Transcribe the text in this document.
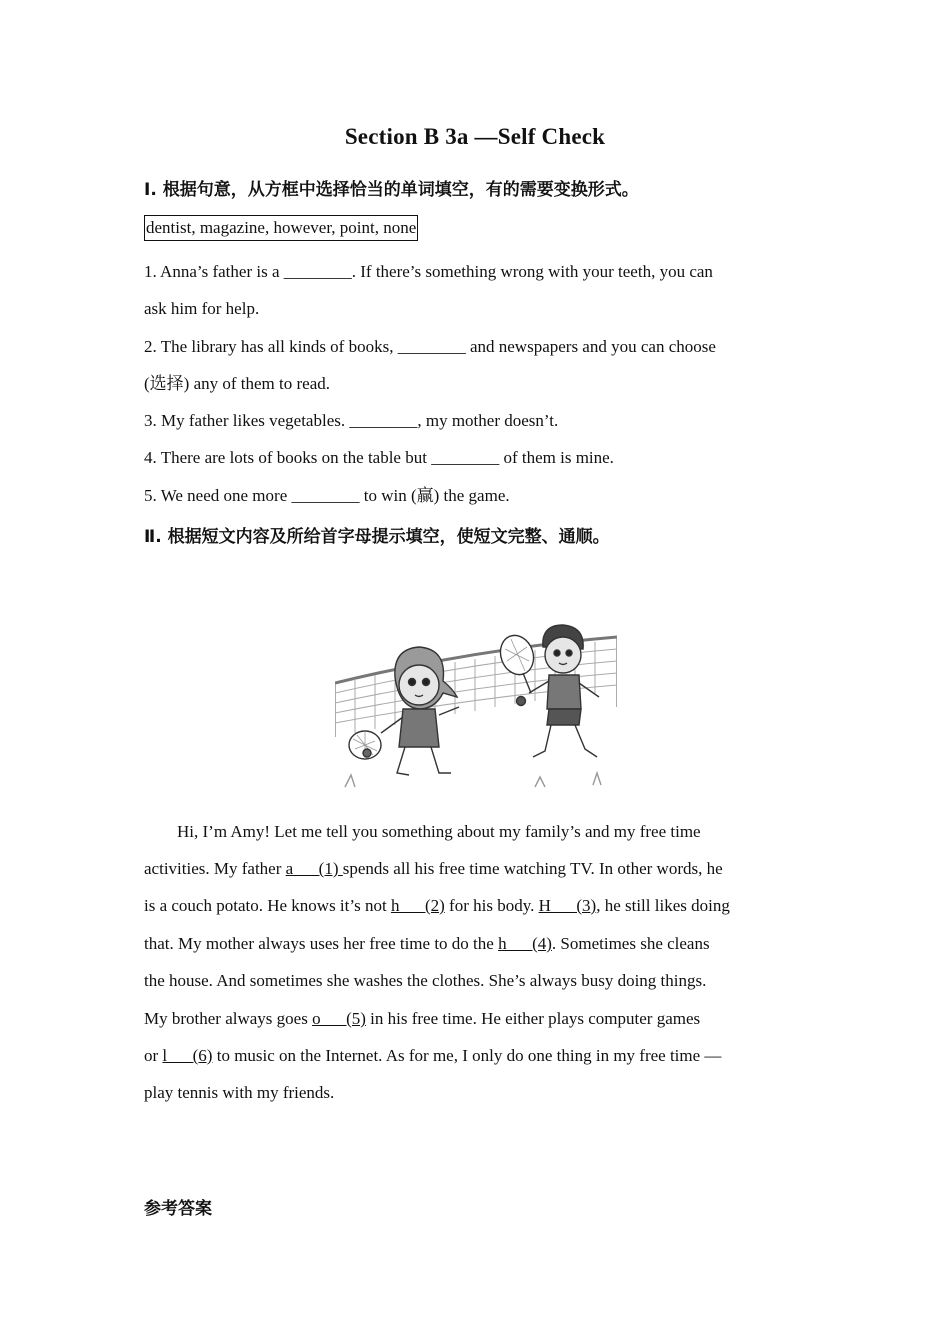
Section B 3a —Self Check
Ⅰ. 根据句意，从方框中选择恰当的单词填空，有的需要变换形式。
dentist, magazine, however, point, none
1. Anna’s father is a ________. If there’s something wrong with your teeth, you can
ask him for help.
2. The library has all kinds of books, ________ and newspapers and you can choose
(选择) any of them to read.
3. My father likes vegetables. ________, my mother doesn’t.
4. There are lots of books on the table but ________ of them is mine.
5. We need one more ________ to win (赢) the game.
Ⅱ. 根据短文内容及所给首字母提示填空，使短文完整、通顺。
Hi, I’m Amy! Let me tell you something about my family’s and my free time
activities. My father a___(1) spends all his free time watching TV. In other words, he
is a couch potato. He knows it’s not h___(2) for his body. H___(3), he still likes doing
that. My mother always uses her free time to do the h___(4). Sometimes she cleans
the house. And sometimes she washes the clothes. She’s always busy doing things.
My brother always goes o___(5) in his free time. He either plays computer games
or l___(6) to music on the Internet. As for me, I only do one thing in my free time —
play tennis with my friends.
参考答案
